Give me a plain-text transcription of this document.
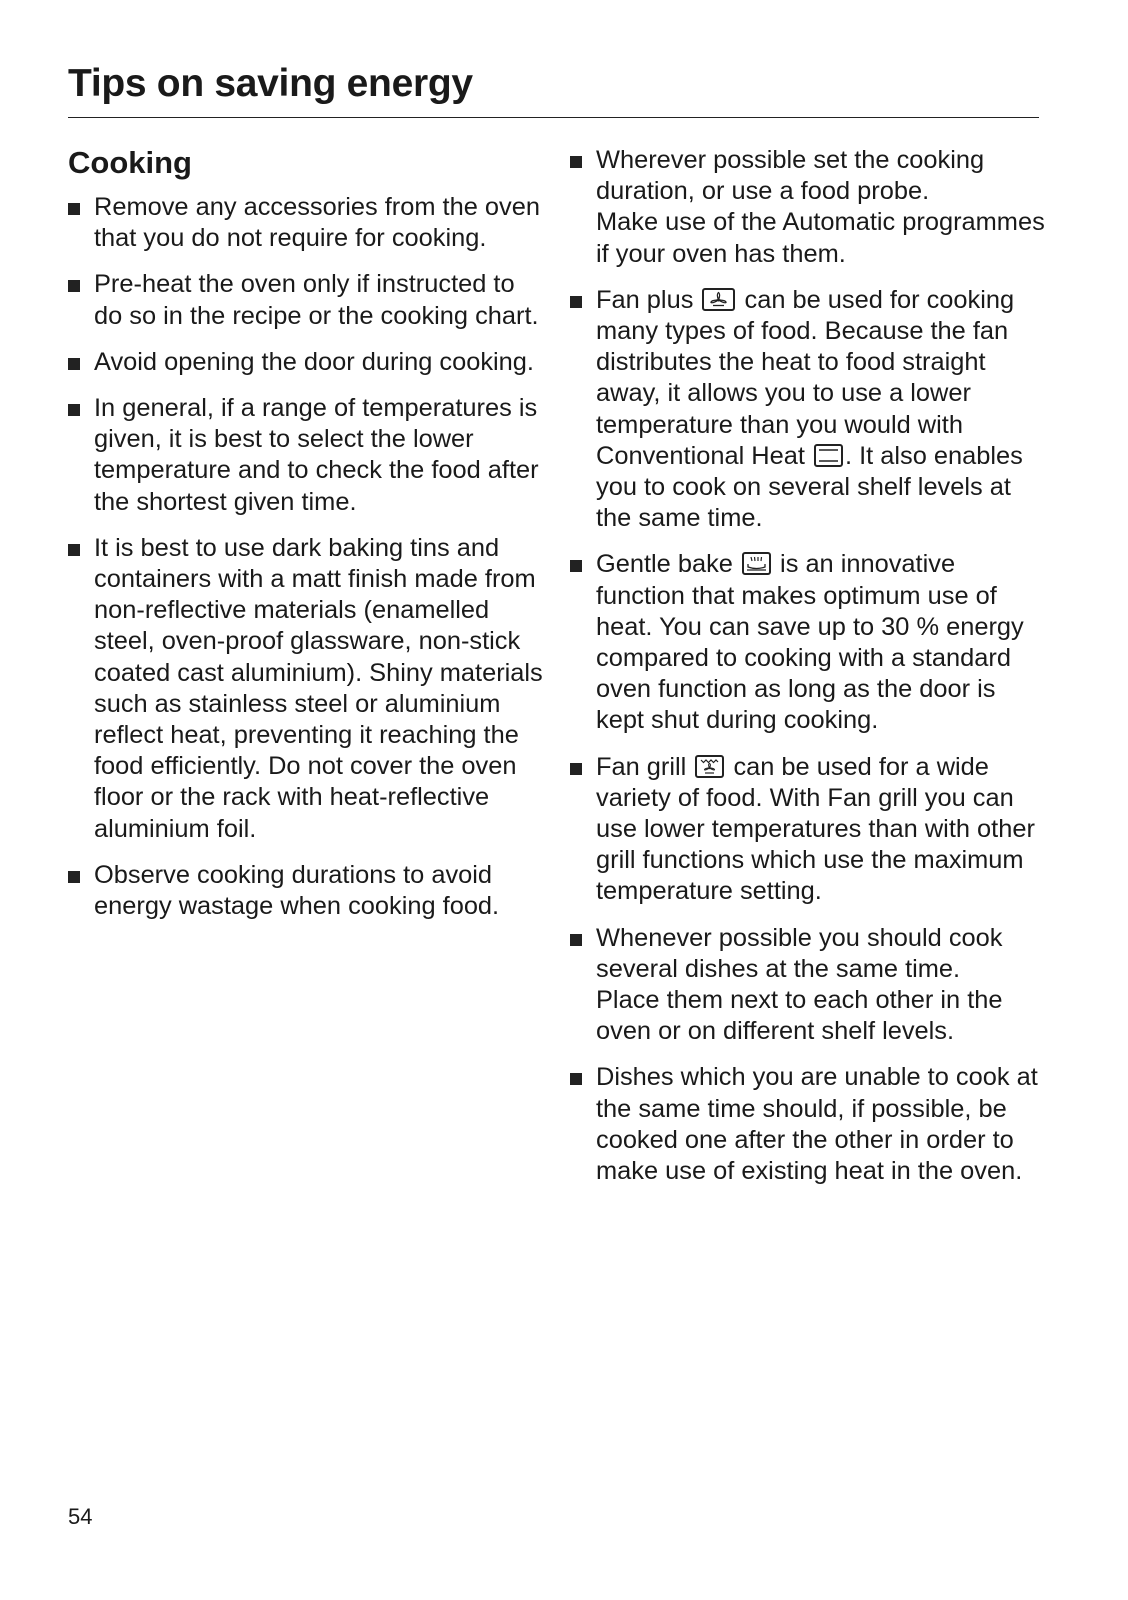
Tips on saving energy
Cooking
Remove any accessories from the oven that you do not require for cooking.
Pre-heat the oven only if instructed to do so in the recipe or the cooking chart.
Avoid opening the door during cooking.
In general, if a range of temperatures is given, it is best to select the lower temperature and to check the food after the shortest given time.
It is best to use dark baking tins and containers with a matt finish made from non-reflective materials (enamelled steel, oven-proof glassware, non-stick coated cast aluminium). Shiny materials such as stainless steel or aluminium reflect heat, preventing it reaching the food efficiently. Do not cover the oven floor or the rack with heat-reflective aluminium foil.
Observe cooking durations to avoid energy wastage when cooking food.
Wherever possible set the cooking duration, or use a food probe.
Make use of the Automatic programmes if your oven has them.
Fan plus can be used for cooking many types of food. Because the fan distributes the heat to food straight away, it allows you to use a lower temperature than you would with Conventional Heat . It also enables you to cook on several shelf levels at the same time.
Gentle bake is an innovative function that makes optimum use of heat. You can save up to 30 % energy compared to cooking with a standard oven function as long as the door is kept shut during cooking.
Fan grill can be used for a wide variety of food. With Fan grill you can use lower temperatures than with other grill functions which use the maximum temperature setting.
Whenever possible you should cook several dishes at the same time.
Place them next to each other in the oven or on different shelf levels.
Dishes which you are unable to cook at the same time should, if possible, be cooked one after the other in order to make use of existing heat in the oven.
54
